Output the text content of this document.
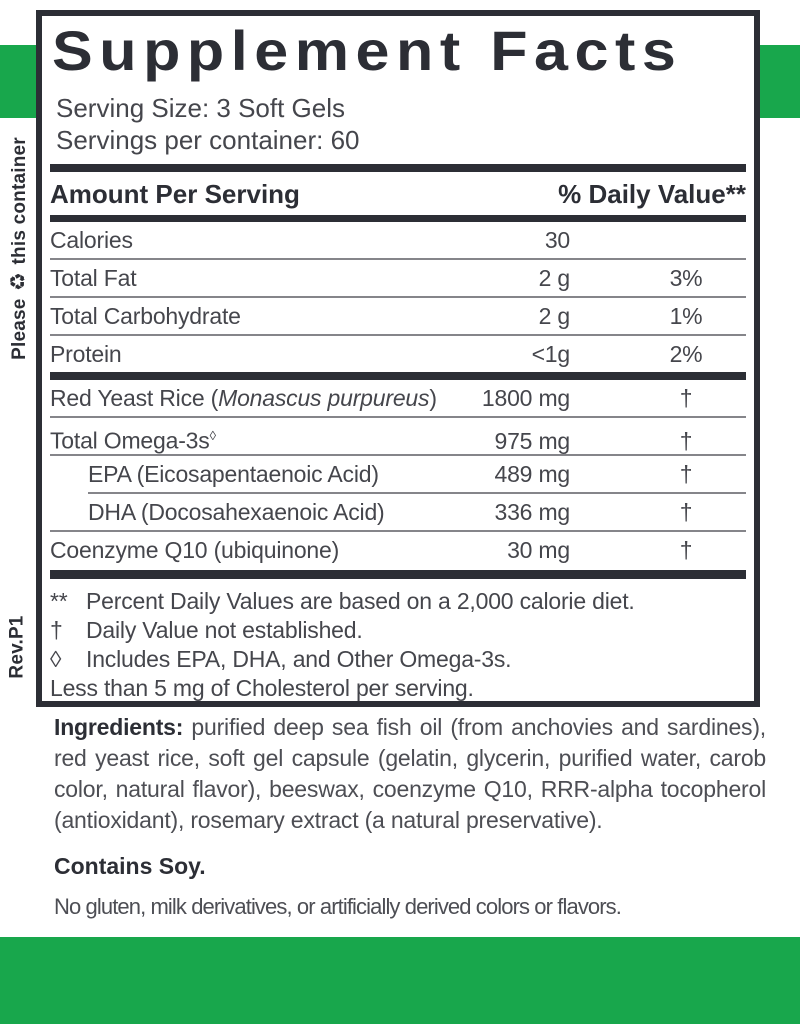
Please ♻ this container
Rev.P1
Supplement Facts
Serving Size: 3 Soft Gels
Servings per container: 60
Amount Per Serving	% Daily Value**
Calories	30
Total Fat	2 g	3%
Total Carbohydrate	2 g	1%
Protein	<1g	2%
Red Yeast Rice (Monascus purpureus)	1800 mg	†
Total Omega-3s◊	975 mg	†
EPA (Eicosapentaenoic Acid)	489 mg	†
DHA (Docosahexaenoic Acid)	336 mg	†
Coenzyme Q10 (ubiquinone)	30 mg	†
** Percent Daily Values are based on a 2,000 calorie diet.
†	Daily Value not established.
◊	Includes EPA, DHA, and Other Omega-3s.
Less than 5 mg of Cholesterol per serving.

Ingredients: purified deep sea fish oil (from anchovies and sardines), red yeast rice, soft gel capsule (gelatin, glycerin, purified water, carob color, natural flavor), beeswax, coenzyme Q10, RRR-alpha tocopherol (antioxidant), rosemary extract (a natural preservative).

Contains Soy.
No gluten, milk derivatives, or artificially derived colors or flavors.
